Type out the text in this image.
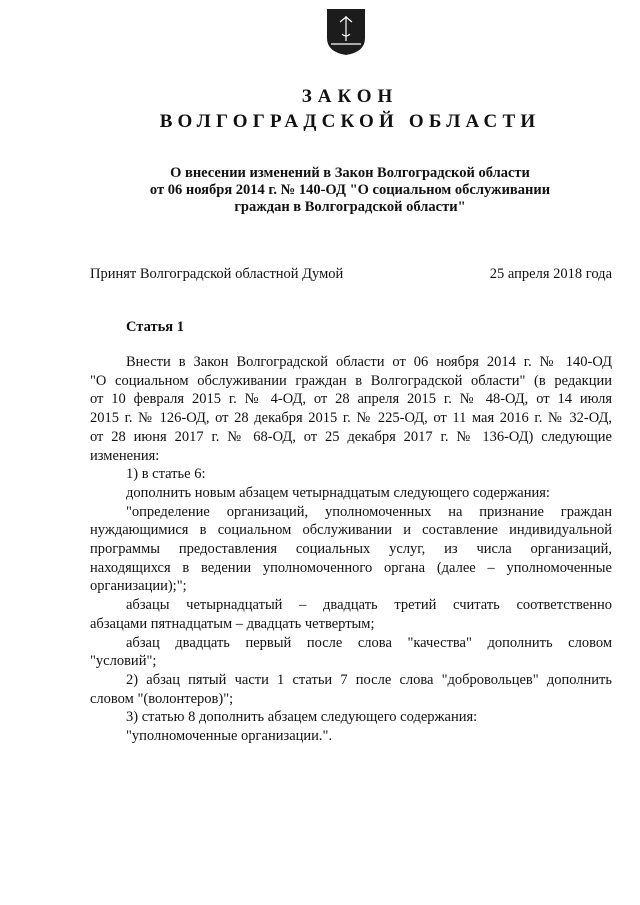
ЗАКОН
ВОЛГОГРАДСКОЙ ОБЛАСТИ
О внесении изменений в Закон Волгоградской области
от 06 ноября 2014 г. № 140-ОД "О социальном обслуживании
граждан в Волгоградской области"
Принят Волгоградской областной Думой	25 апреля 2018 года
Статья 1

Внести в Закон Волгоградской области от 06 ноября 2014 г. № 140-ОД

"О социальном обслуживании граждан в Волгоградской области" (в редакции

от 10 февраля 2015 г. № 4-ОД, от 28 апреля 2015 г. № 48-ОД, от 14 июля

2015 г. № 126-ОД, от 28 декабря 2015 г. № 225-ОД, от 11 мая 2016 г. № 32-ОД,

от 28 июня 2017 г. № 68-ОД, от 25 декабря 2017 г. № 136-ОД) следующие

изменения:

1) в статье 6:

дополнить новым абзацем четырнадцатым следующего содержания:

"определение организаций, уполномоченных на признание граждан

нуждающимися в социальном обслуживании и составление индивидуальной

программы предоставления социальных услуг, из числа организаций,

находящихся в ведении уполномоченного органа (далее – уполномоченные

организации);";

абзацы четырнадцатый – двадцать третий считать соответственно

абзацами пятнадцатым – двадцать четвертым;

абзац двадцать первый после слова "качества" дополнить словом

"условий";

2) абзац пятый части 1 статьи 7 после слова "добровольцев" дополнить

словом "(волонтеров)";

3) статью 8 дополнить абзацем следующего содержания:

"уполномоченные организации.".
